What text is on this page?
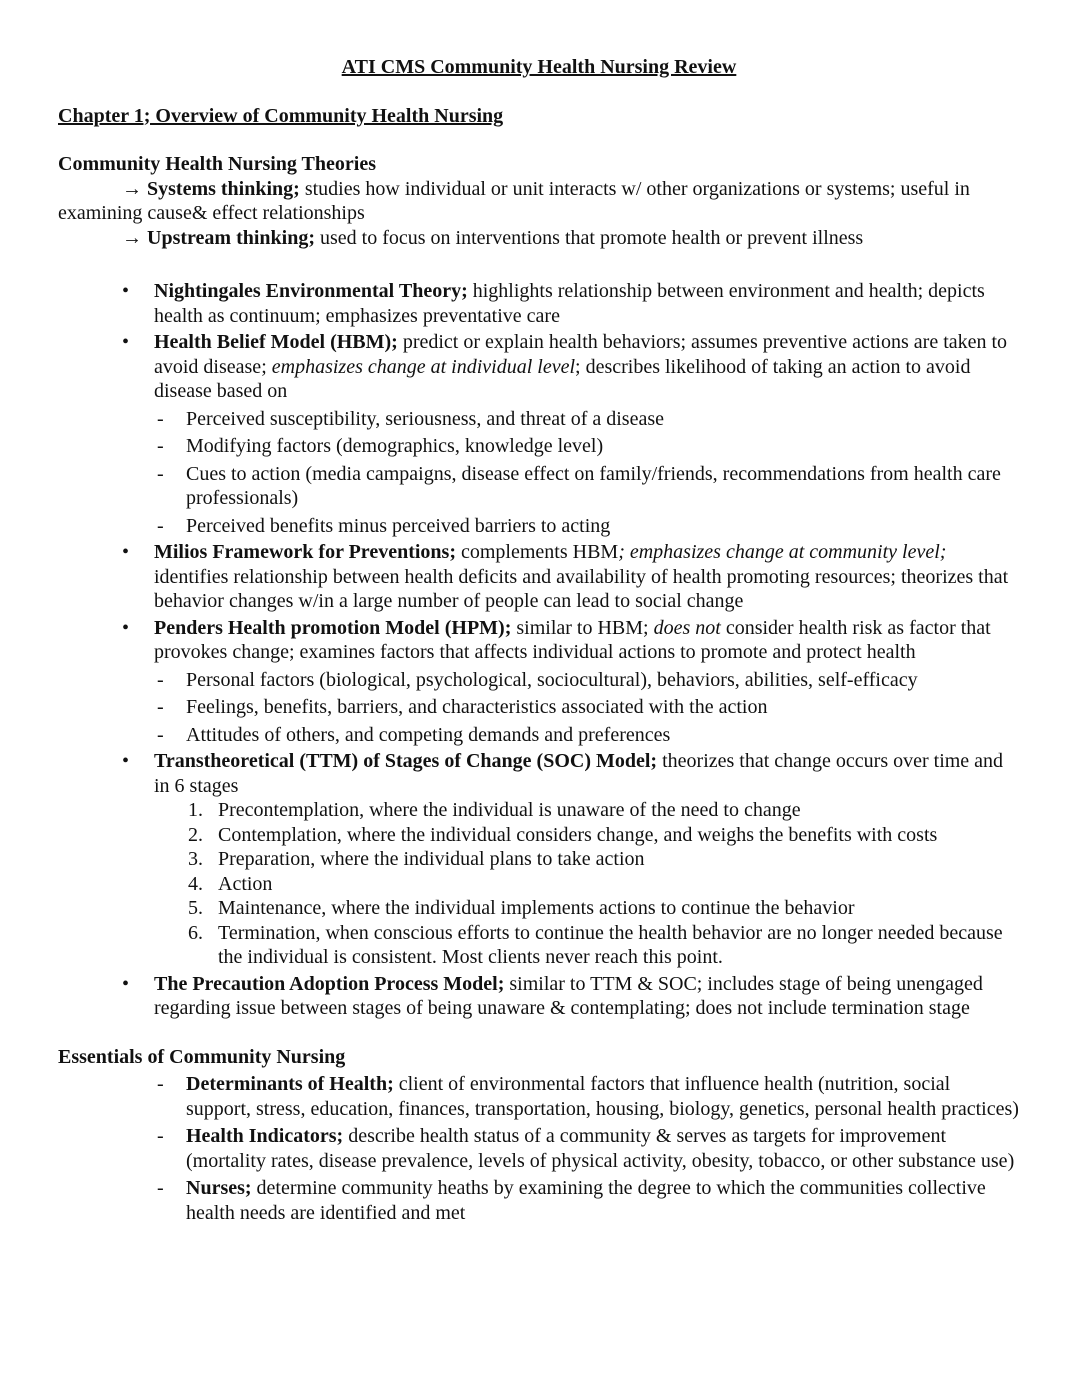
ATI CMS Community Health Nursing Review
Chapter 1; Overview of Community Health Nursing
Community Health Nursing Theories
→ Systems thinking; studies how individual or unit interacts w/ other organizations or systems; useful in examining cause& effect relationships
→ Upstream thinking; used to focus on interventions that promote health or prevent illness
• Nightingales Environmental Theory; highlights relationship between environment and health; depicts health as continuum; emphasizes preventative care
• Health Belief Model (HBM); predict or explain health behaviors; assumes preventive actions are taken to avoid disease; emphasizes change at individual level; describes likelihood of taking an action to avoid disease based on
- Perceived susceptibility, seriousness, and threat of a disease
- Modifying factors (demographics, knowledge level)
- Cues to action (media campaigns, disease effect on family/friends, recommendations from health care professionals)
- Perceived benefits minus perceived barriers to acting
• Milios Framework for Preventions; complements HBM; emphasizes change at community level; identifies relationship between health deficits and availability of health promoting resources; theorizes that behavior changes w/in a large number of people can lead to social change
• Penders Health promotion Model (HPM); similar to HBM; does not consider health risk as factor that provokes change; examines factors that affects individual actions to promote and protect health
- Personal factors (biological, psychological, sociocultural), behaviors, abilities, self-efficacy
- Feelings, benefits, barriers, and characteristics associated with the action
- Attitudes of others, and competing demands and preferences
• Transtheoretical (TTM) of Stages of Change (SOC) Model; theorizes that change occurs over time and in 6 stages
1. Precontemplation, where the individual is unaware of the need to change
2. Contemplation, where the individual considers change, and weighs the benefits with costs
3. Preparation, where the individual plans to take action
4. Action
5. Maintenance, where the individual implements actions to continue the behavior
6. Termination, when conscious efforts to continue the health behavior are no longer needed because the individual is consistent. Most clients never reach this point.
• The Precaution Adoption Process Model; similar to TTM & SOC; includes stage of being unengaged regarding issue between stages of being unaware & contemplating; does not include termination stage
Essentials of Community Nursing
- Determinants of Health; client of environmental factors that influence health (nutrition, social support, stress, education, finances, transportation, housing, biology, genetics, personal health practices)
- Health Indicators; describe health status of a community & serves as targets for improvement (mortality rates, disease prevalence, levels of physical activity, obesity, tobacco, or other substance use)
- Nurses; determine community heaths by examining the degree to which the communities collective health needs are identified and met
